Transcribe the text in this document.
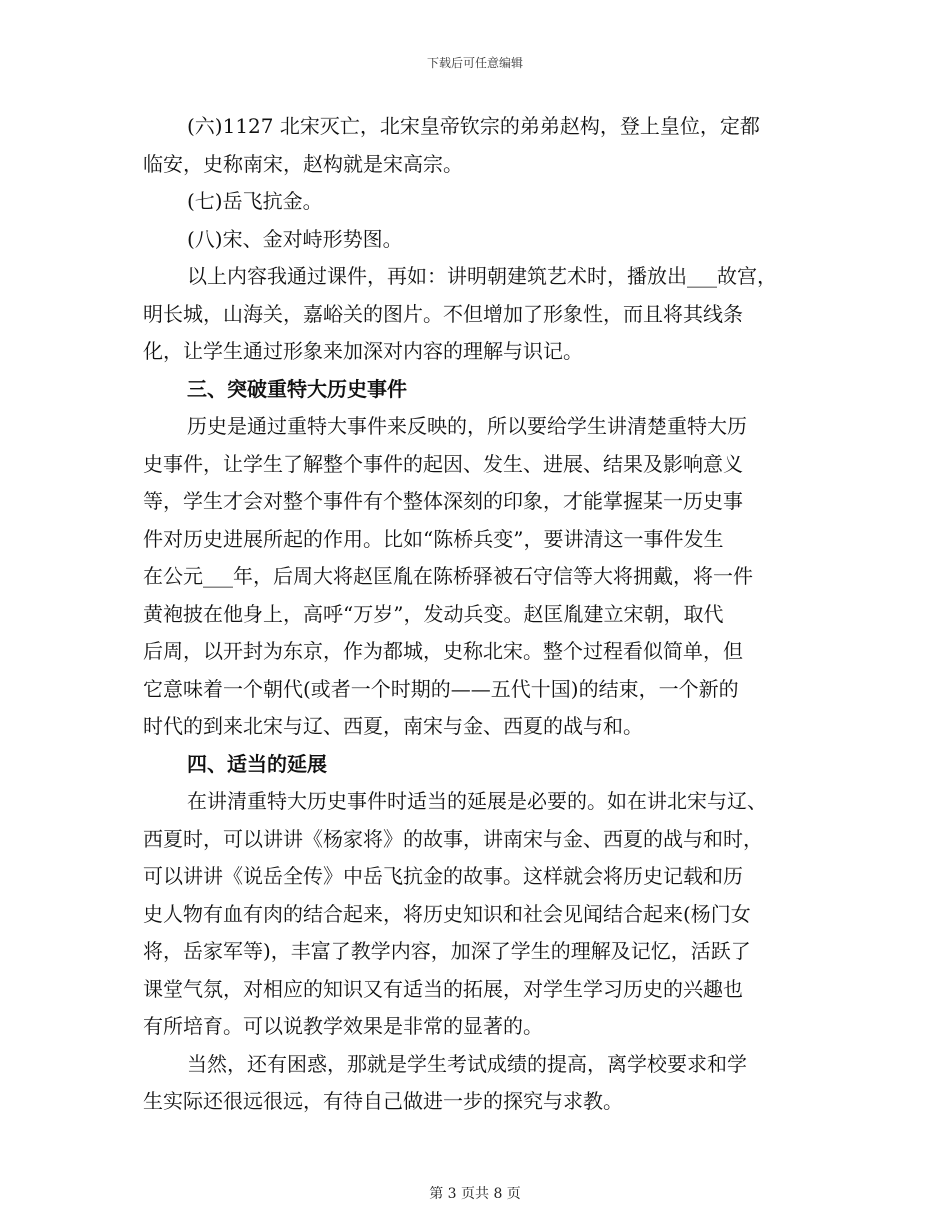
下载后可任意编辑
(六)1127 北宋灭亡，北宋皇帝钦宗的弟弟赵构，登上皇位，定都
临安，史称南宋，赵构就是宋高宗。
(七)岳飞抗金。
(八)宋、金对峙形势图。
以上内容我通过课件，再如：讲明朝建筑艺术时，播放出___故宫，
明长城，山海关，嘉峪关的图片。不但增加了形象性，而且将其线条
化，让学生通过形象来加深对内容的理解与识记。
三、突破重特大历史事件
历史是通过重特大事件来反映的，所以要给学生讲清楚重特大历
史事件，让学生了解整个事件的起因、发生、进展、结果及影响意义
等，学生才会对整个事件有个整体深刻的印象，才能掌握某一历史事
件对历史进展所起的作用。比如“陈桥兵变”，要讲清这一事件发生
在公元___年，后周大将赵匡胤在陈桥驿被石守信等大将拥戴，将一件
黄袍披在他身上，高呼“万岁”，发动兵变。赵匡胤建立宋朝，取代
后周，以开封为东京，作为都城，史称北宋。整个过程看似简单，但
它意味着一个朝代(或者一个时期的——五代十国)的结束，一个新的
时代的到来北宋与辽、西夏，南宋与金、西夏的战与和。
四、适当的延展
在讲清重特大历史事件时适当的延展是必要的。如在讲北宋与辽、
西夏时，可以讲讲《杨家将》的故事，讲南宋与金、西夏的战与和时，
可以讲讲《说岳全传》中岳飞抗金的故事。这样就会将历史记载和历
史人物有血有肉的结合起来，将历史知识和社会见闻结合起来(杨门女
将，岳家军等)，丰富了教学内容，加深了学生的理解及记忆，活跃了
课堂气氛，对相应的知识又有适当的拓展，对学生学习历史的兴趣也
有所培育。可以说教学效果是非常的显著的。
当然，还有困惑，那就是学生考试成绩的提高，离学校要求和学
生实际还很远很远，有待自己做进一步的探究与求教。
第 3 页共 8 页
